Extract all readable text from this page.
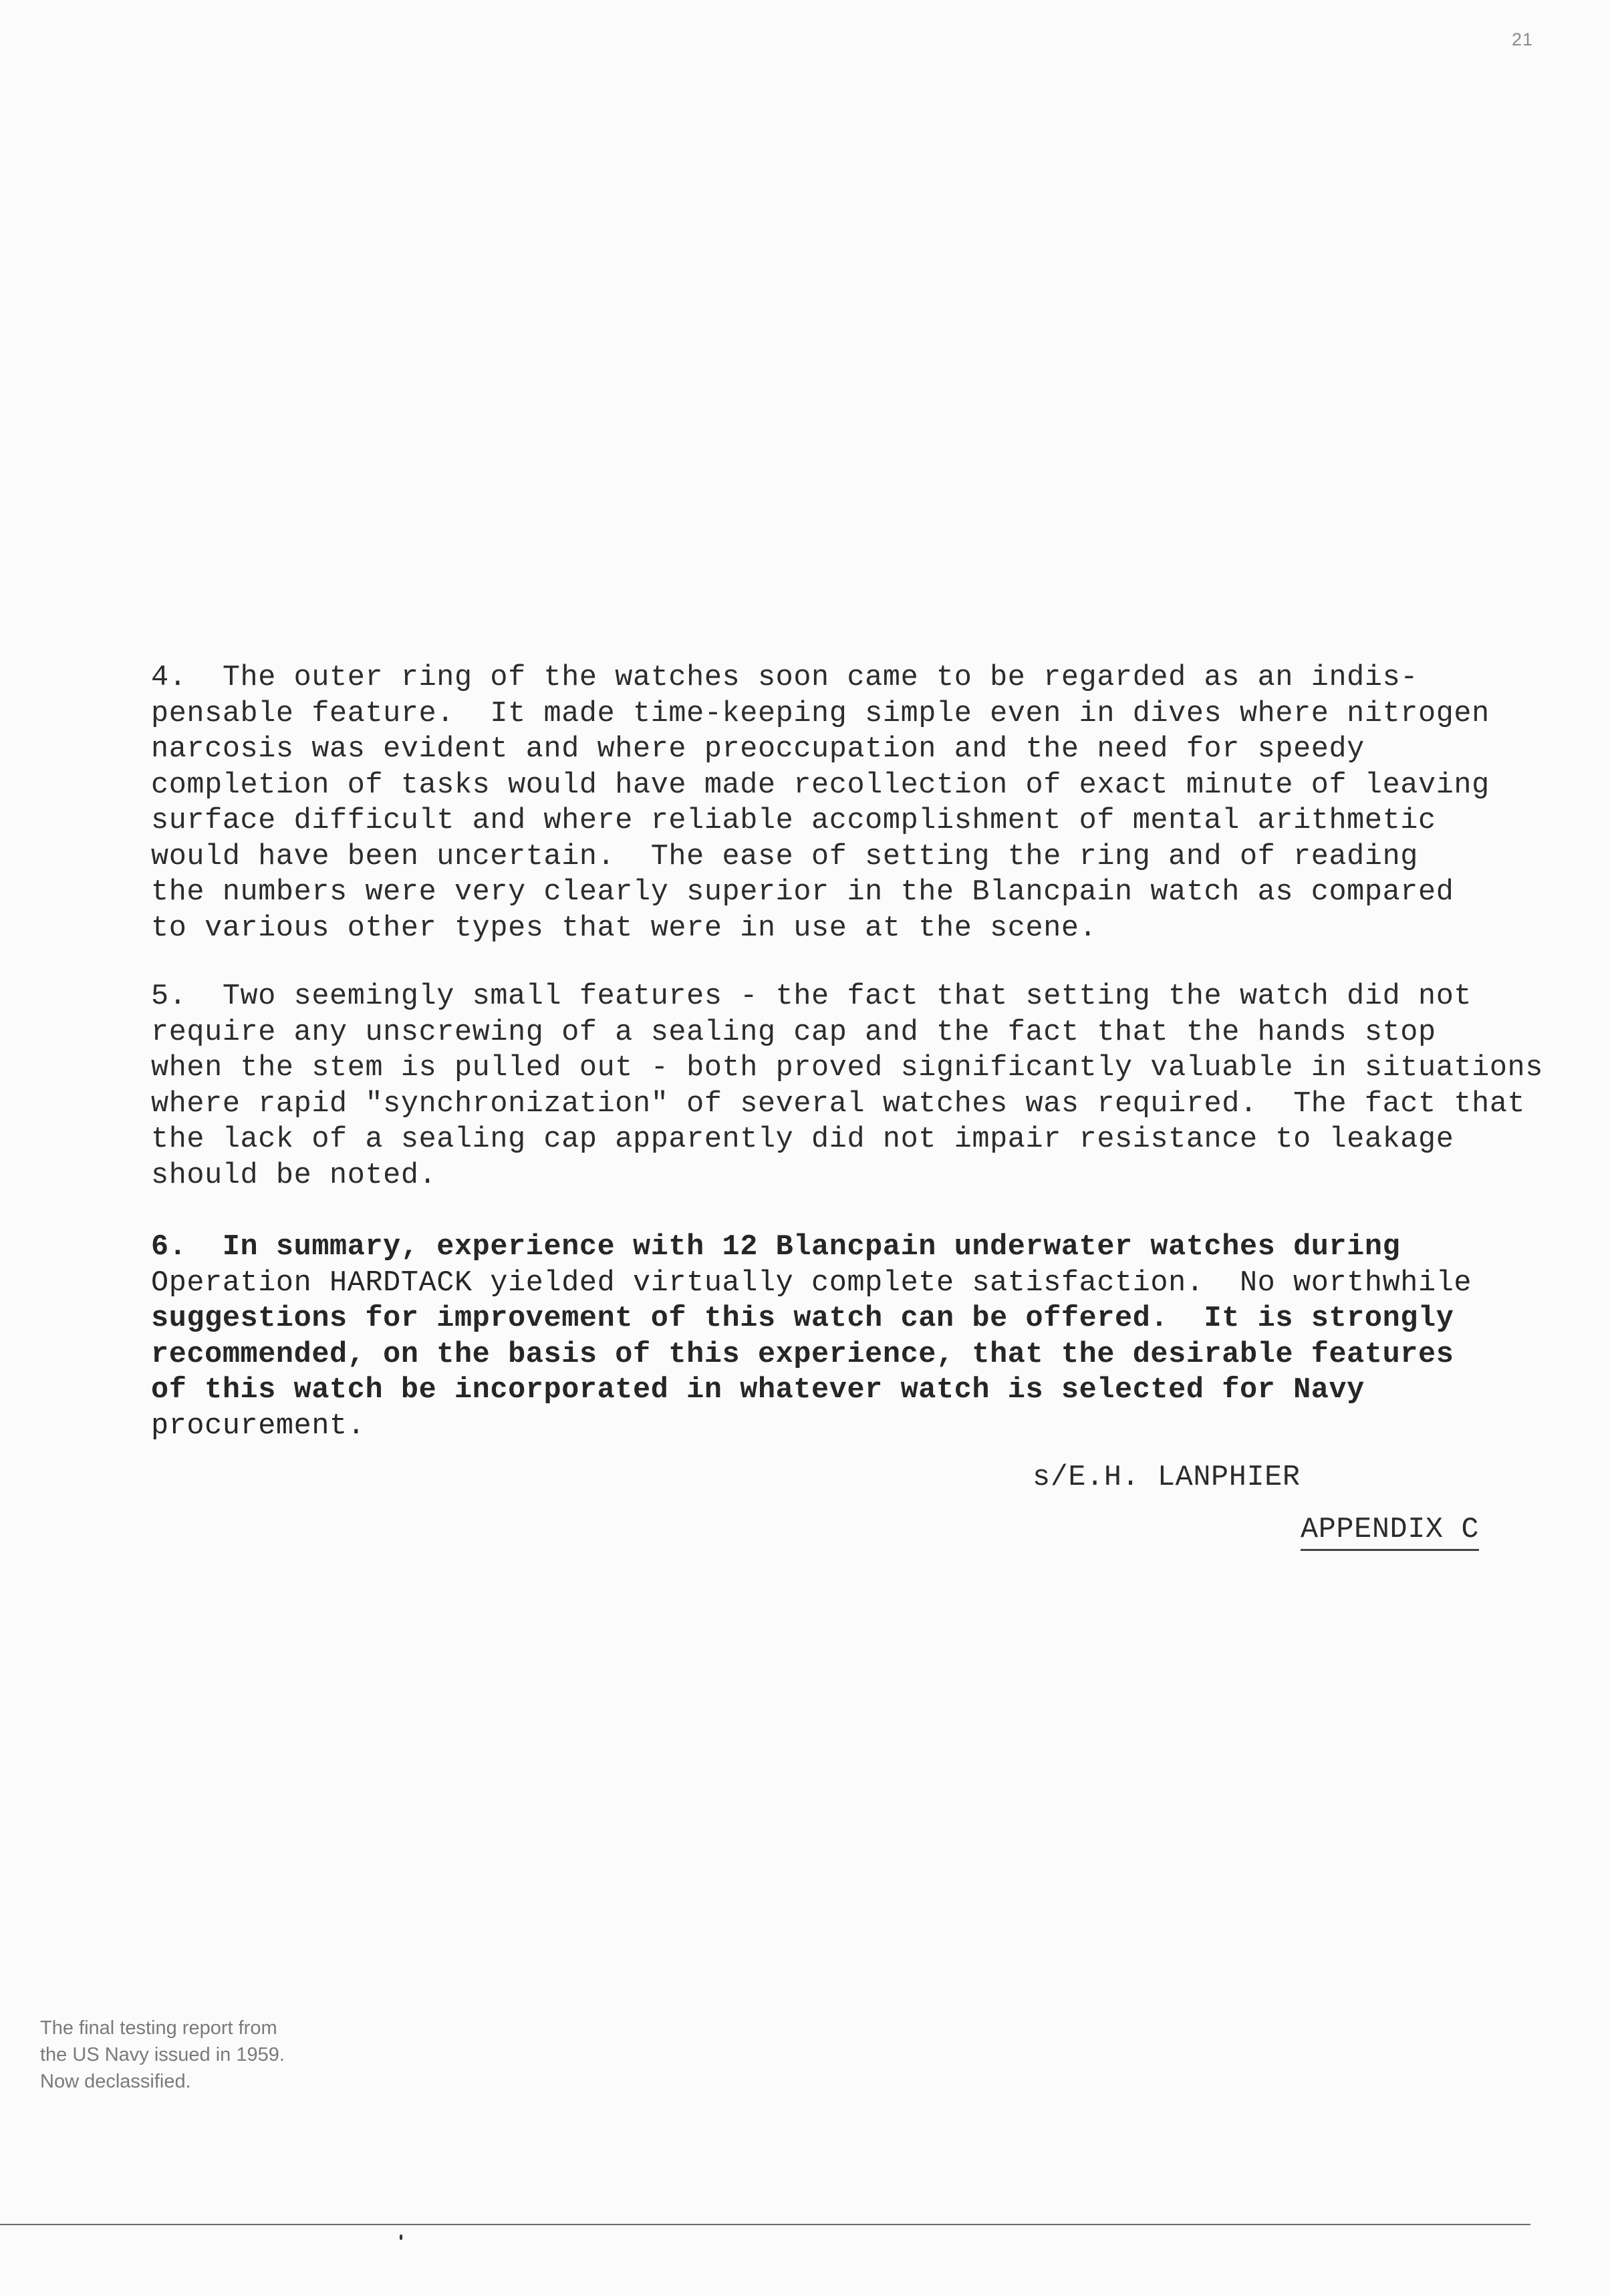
21
4.  The outer ring of the watches soon came to be regarded as an indis-
pensable feature.  It made time-keeping simple even in dives where nitrogen
narcosis was evident and where preoccupation and the need for speedy
completion of tasks would have made recollection of exact minute of leaving
surface difficult and where reliable accomplishment of mental arithmetic
would have been uncertain.  The ease of setting the ring and of reading
the numbers were very clearly superior in the Blancpain watch as compared
to various other types that were in use at the scene.
5.  Two seemingly small features - the fact that setting the watch did not
require any unscrewing of a sealing cap and the fact that the hands stop
when the stem is pulled out - both proved significantly valuable in situations
where rapid "synchronization" of several watches was required.  The fact that
the lack of a sealing cap apparently did not impair resistance to leakage
should be noted.
6.  In summary, experience with 12 Blancpain underwater watches during
Operation HARDTACK yielded virtually complete satisfaction.  No worthwhile
suggestions for improvement of this watch can be offered.  It is strongly
recommended, on the basis of this experience, that the desirable features
of this watch be incorporated in whatever watch is selected for Navy
procurement.
s/E.H. LANPHIER
APPENDIX C
The final testing report from
the US Navy issued in 1959.
Now declassified.
